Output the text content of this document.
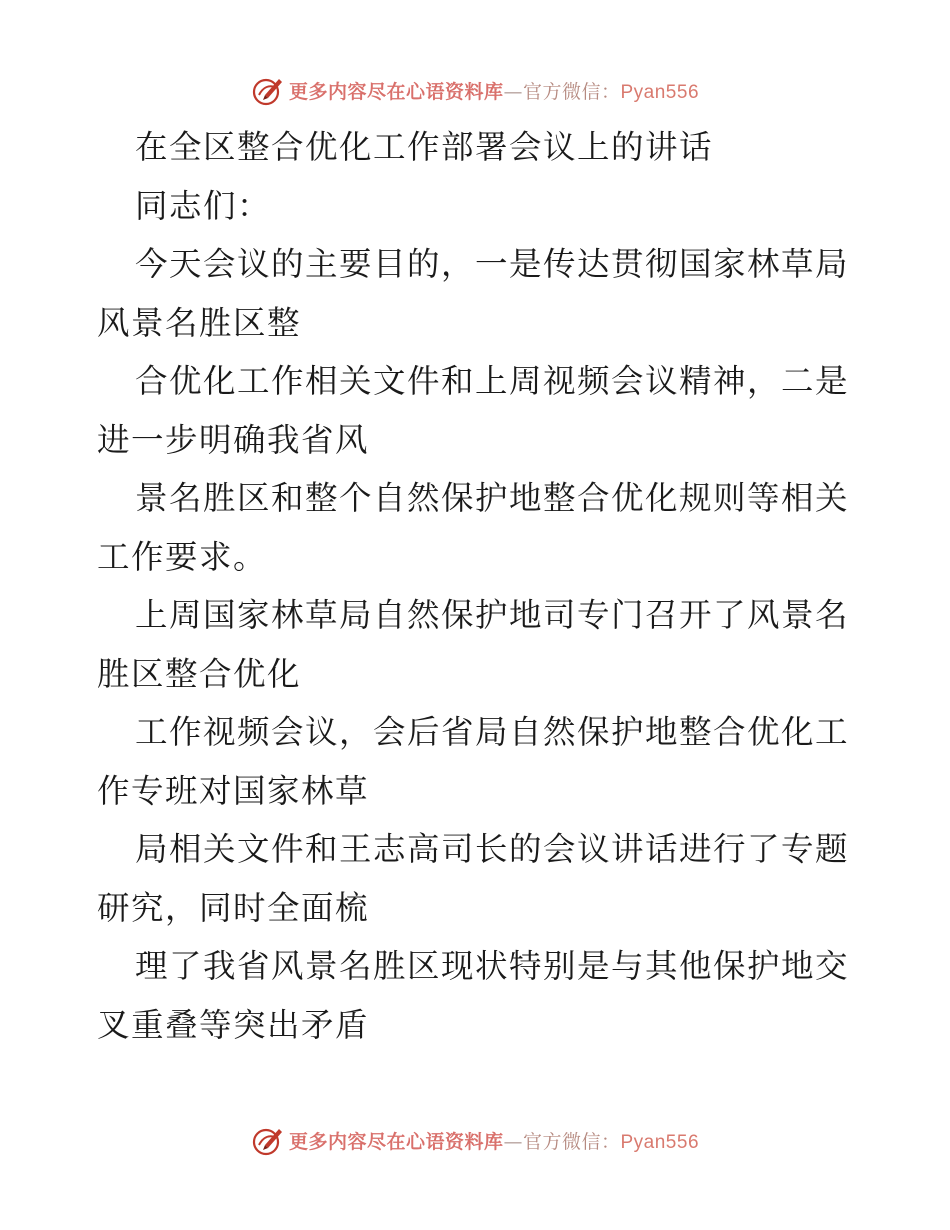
更多内容尽在心语资料库—官方微信：Pyan556
在全区整合优化工作部署会议上的讲话
同志们：
今天会议的主要目的，一是传达贯彻国家林草局
风景名胜区整
合优化工作相关文件和上周视频会议精神，二是
进一步明确我省风
景名胜区和整个自然保护地整合优化规则等相关
工作要求。
上周国家林草局自然保护地司专门召开了风景名
胜区整合优化
工作视频会议，会后省局自然保护地整合优化工
作专班对国家林草
局相关文件和王志高司长的会议讲话进行了专题
研究，同时全面梳
理了我省风景名胜区现状特别是与其他保护地交
叉重叠等突出矛盾
更多内容尽在心语资料库—官方微信：Pyan556
